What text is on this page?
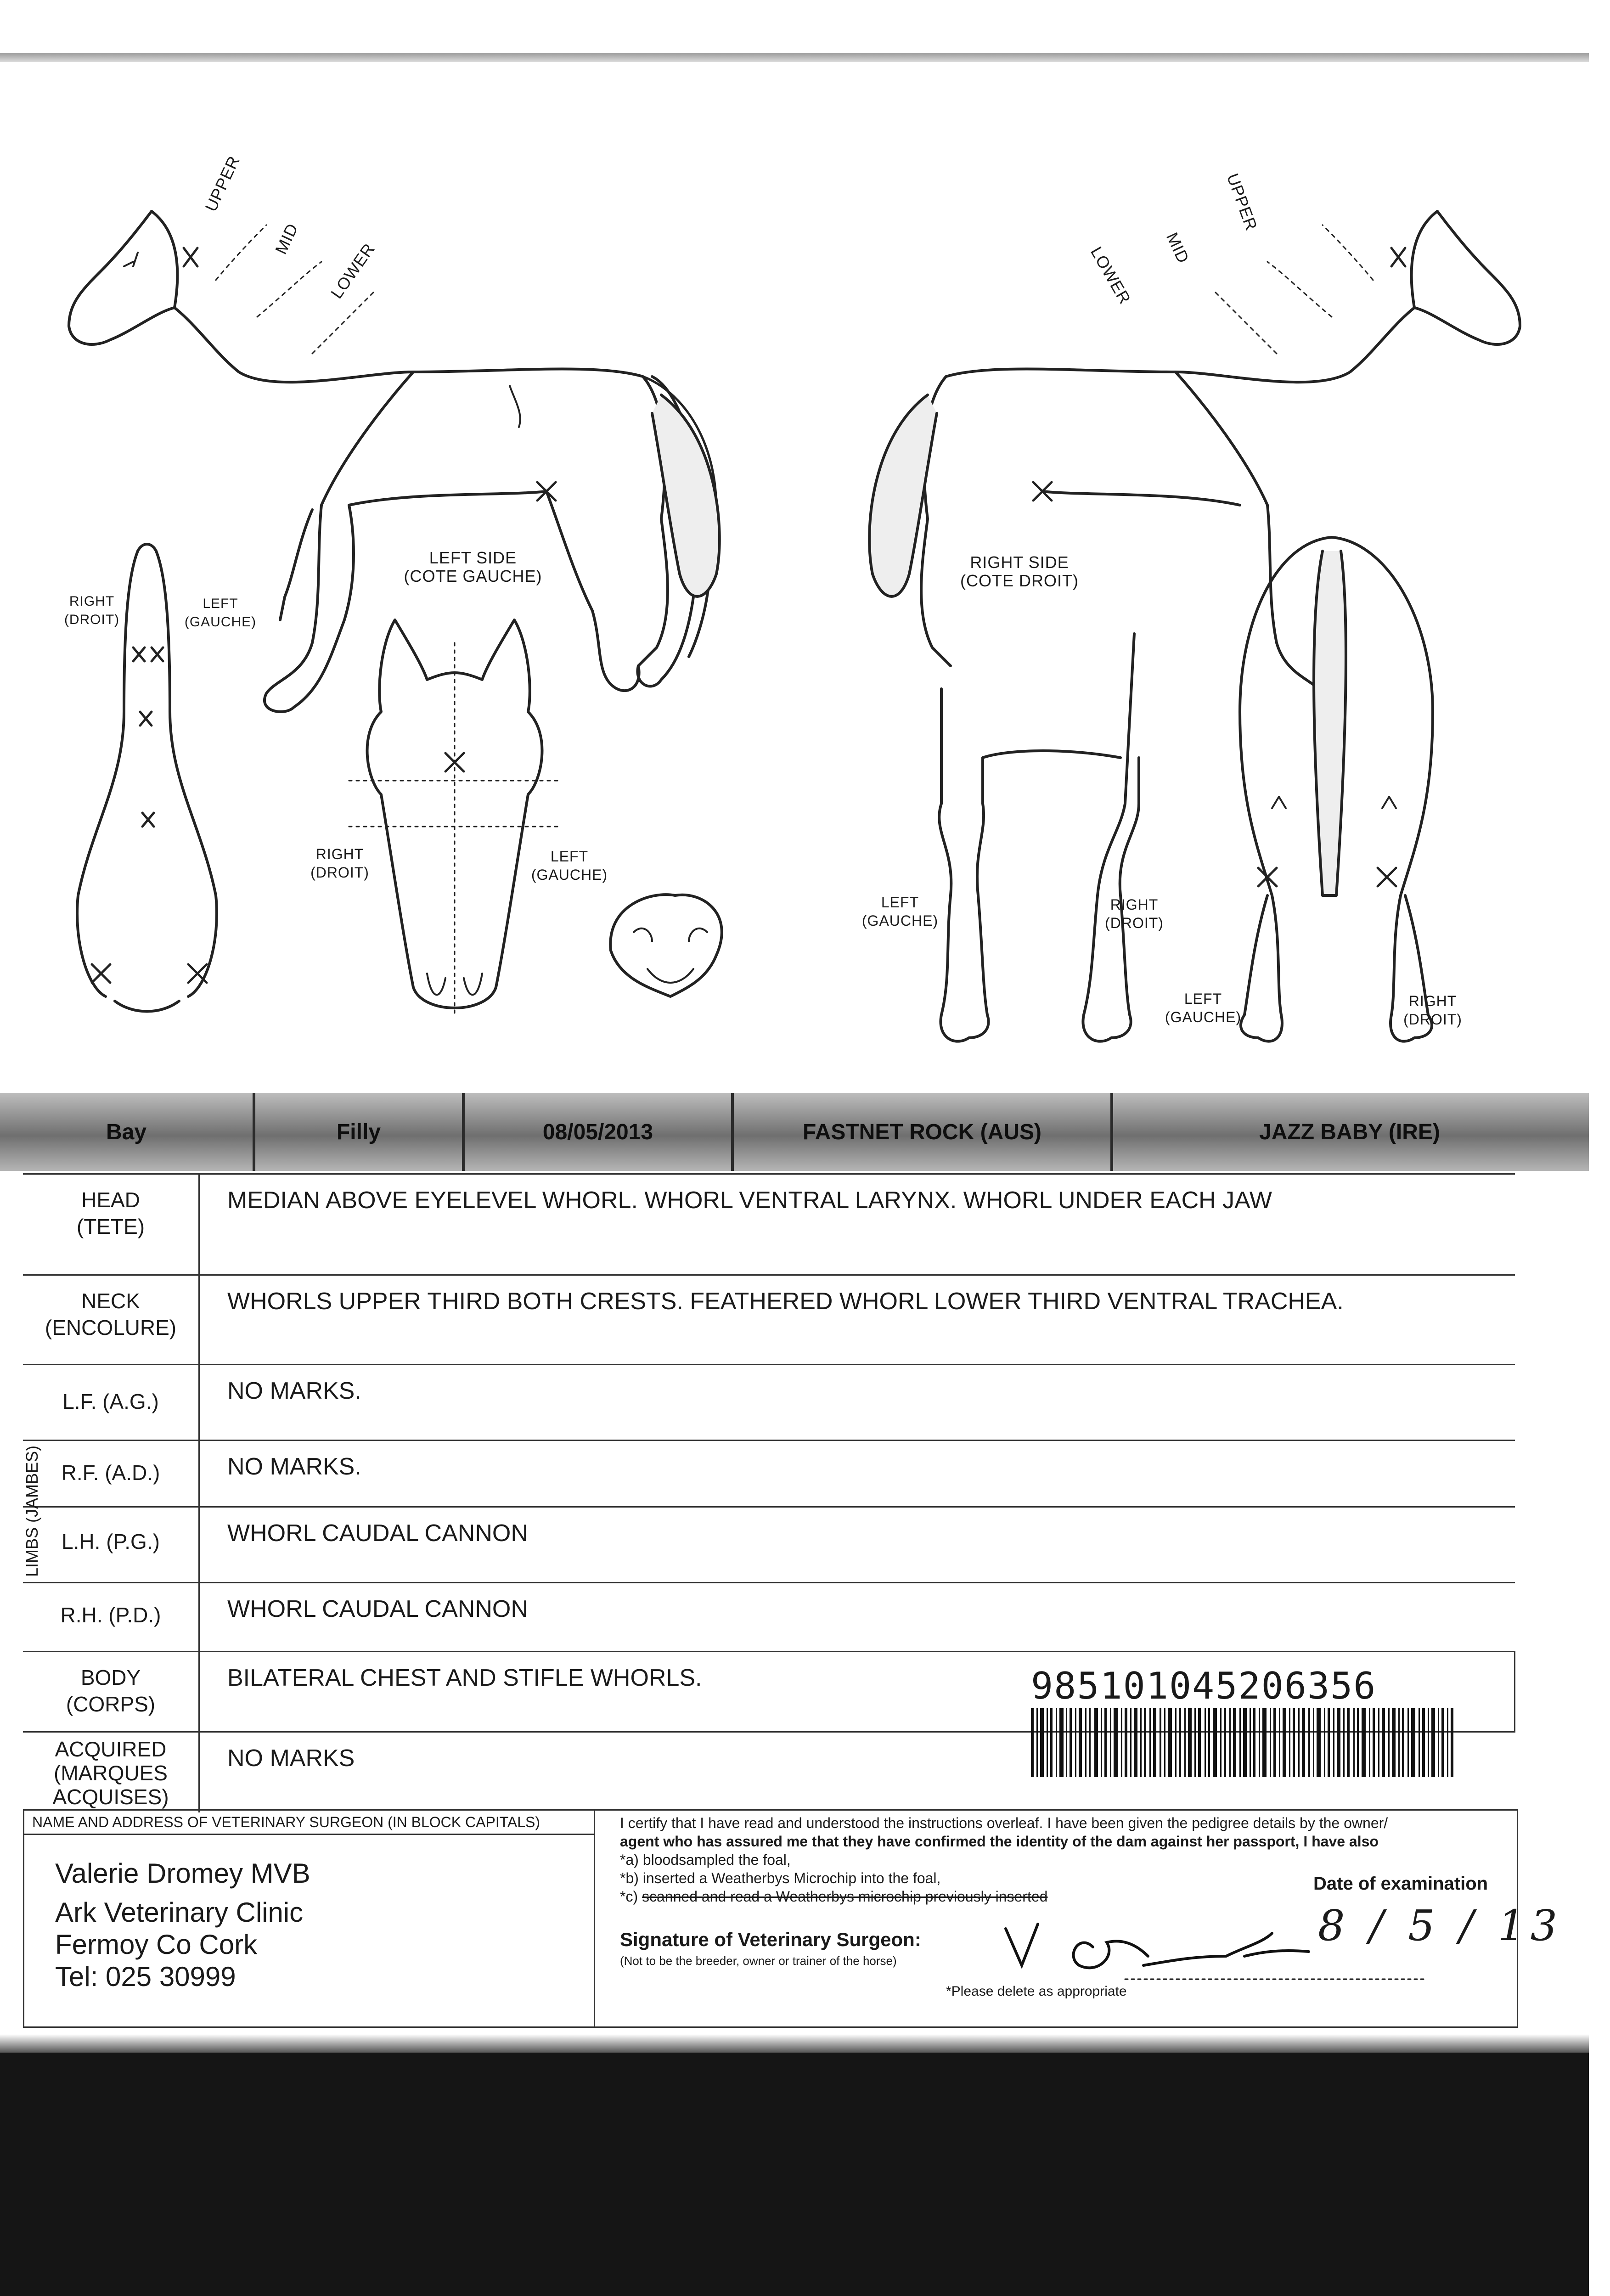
UPPER
MID
LOWER
UPPER
MID
LOWER
LEFT SIDE
(COTE GAUCHE)
RIGHT SIDE
(COTE DROIT)
RIGHT
(DROIT)
LEFT
(GAUCHE)
RIGHT
(DROIT)
LEFT
(GAUCHE)
LEFT
(GAUCHE)
RIGHT
(DROIT)
LEFT
(GAUCHE)
RIGHT
(DROIT)
Bay	Filly	08/05/2013	FASTNET ROCK (AUS)	JAZZ BABY (IRE)
HEAD
(TETE)	MEDIAN ABOVE EYELEVEL WHORL. WHORL VENTRAL LARYNX. WHORL UNDER EACH JAW

NECK
(ENCOLURE)	WHORLS UPPER THIRD BOTH CRESTS. FEATHERED WHORL LOWER THIRD VENTRAL TRACHEA.

L.F. (A.G.)	NO MARKS.

R.F. (A.D.)	NO MARKS.

L.H. (P.G.)	WHORL CAUDAL CANNON

R.H. (P.D.)	WHORL CAUDAL CANNON

BODY
(CORPS)	BILATERAL CHEST AND STIFLE WHORLS.

ACQUIRED
(MARQUES
ACQUISES)	NO MARKS
LIMBS (JAMBES)
985101045206356
NAME AND ADDRESS OF VETERINARY SURGEON (IN BLOCK CAPITALS)
Valerie Dromey MVB
Ark Veterinary Clinic
Fermoy Co Cork
Tel: 025 30999
I certify that I have read and understood the instructions overleaf. I have been given the pedigree details by the owner/
agent who has assured me that they have confirmed the identity of the dam against her passport, I have also
*a) bloodsampled the foal,
*b) inserted a Weatherbys Microchip into the foal,
*c) scanned and read a Weatherbys microchip previously inserted
Signature of Veterinary Surgeon:
(Not to be the breeder, owner or trainer of the horse)
*Please delete as appropriate
Date of examination
8 / 5 / 13
